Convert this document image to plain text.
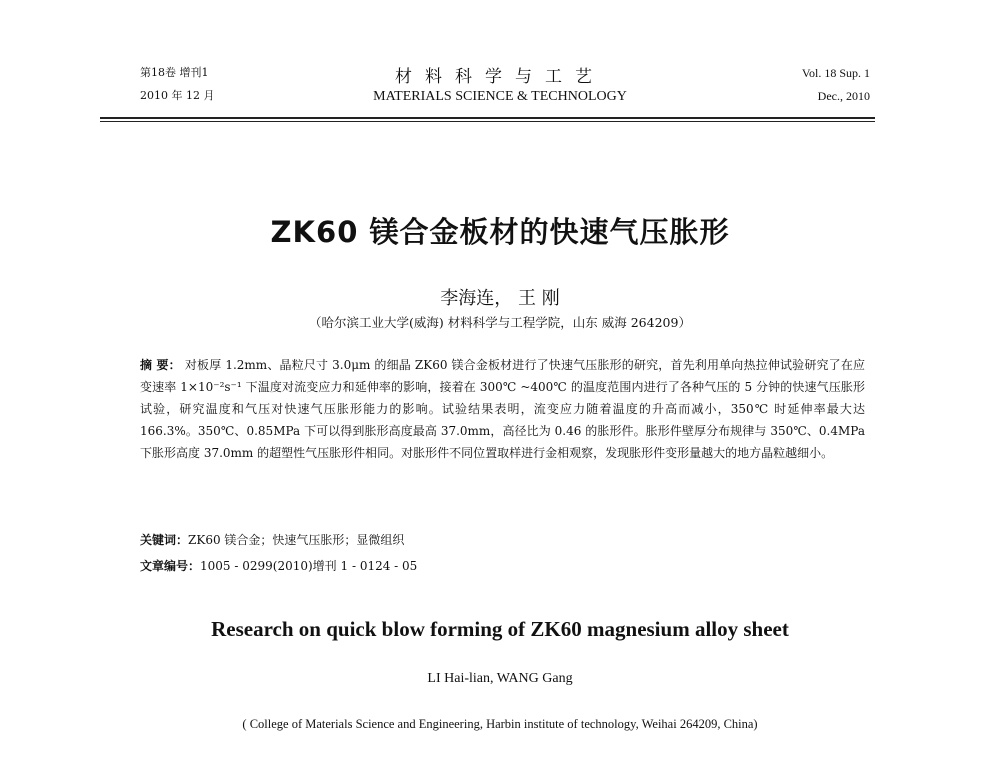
第18卷 增刊1
2010 年 12 月
材料科学与工艺
MATERIALS SCIENCE & TECHNOLOGY
Vol. 18 Sup. 1
Dec., 2010
ZK60 镁合金板材的快速气压胀形
李海连， 王 刚
（哈尔滨工业大学(威海) 材料科学与工程学院，山东 威海 264209）
摘 要： 对板厚 1.2mm、晶粒尺寸 3.0μm 的细晶 ZK60 镁合金板材进行了快速气压胀形的研究，首先利用单向热拉伸试验研究了在应变速率 1×10⁻²s⁻¹ 下温度对流变应力和延伸率的影响，接着在 300℃ ~400℃ 的温度范围内进行了各种气压的 5 分钟的快速气压胀形试验，研究温度和气压对快速气压胀形能力的影响。试验结果表明，流变应力随着温度的升高而减小，350℃ 时延伸率最大达 166.3%。350℃、0.85MPa 下可以得到胀形高度最高 37.0mm，高径比为 0.46 的胀形件。胀形件壁厚分布规律与 350℃、0.4MPa 下胀形高度 37.0mm 的超塑性气压胀形件相同。对胀形件不同位置取样进行金相观察，发现胀形件变形量越大的地方晶粒越细小。
关键词：ZK60 镁合金；快速气压胀形；显微组织
文章编号：1005 - 0299(2010)增刊 1 - 0124 - 05
Research on quick blow forming of ZK60 magnesium alloy sheet
LI Hai-lian, WANG Gang
( College of Materials Science and Engineering, Harbin institute of technology, Weihai 264209, China)
